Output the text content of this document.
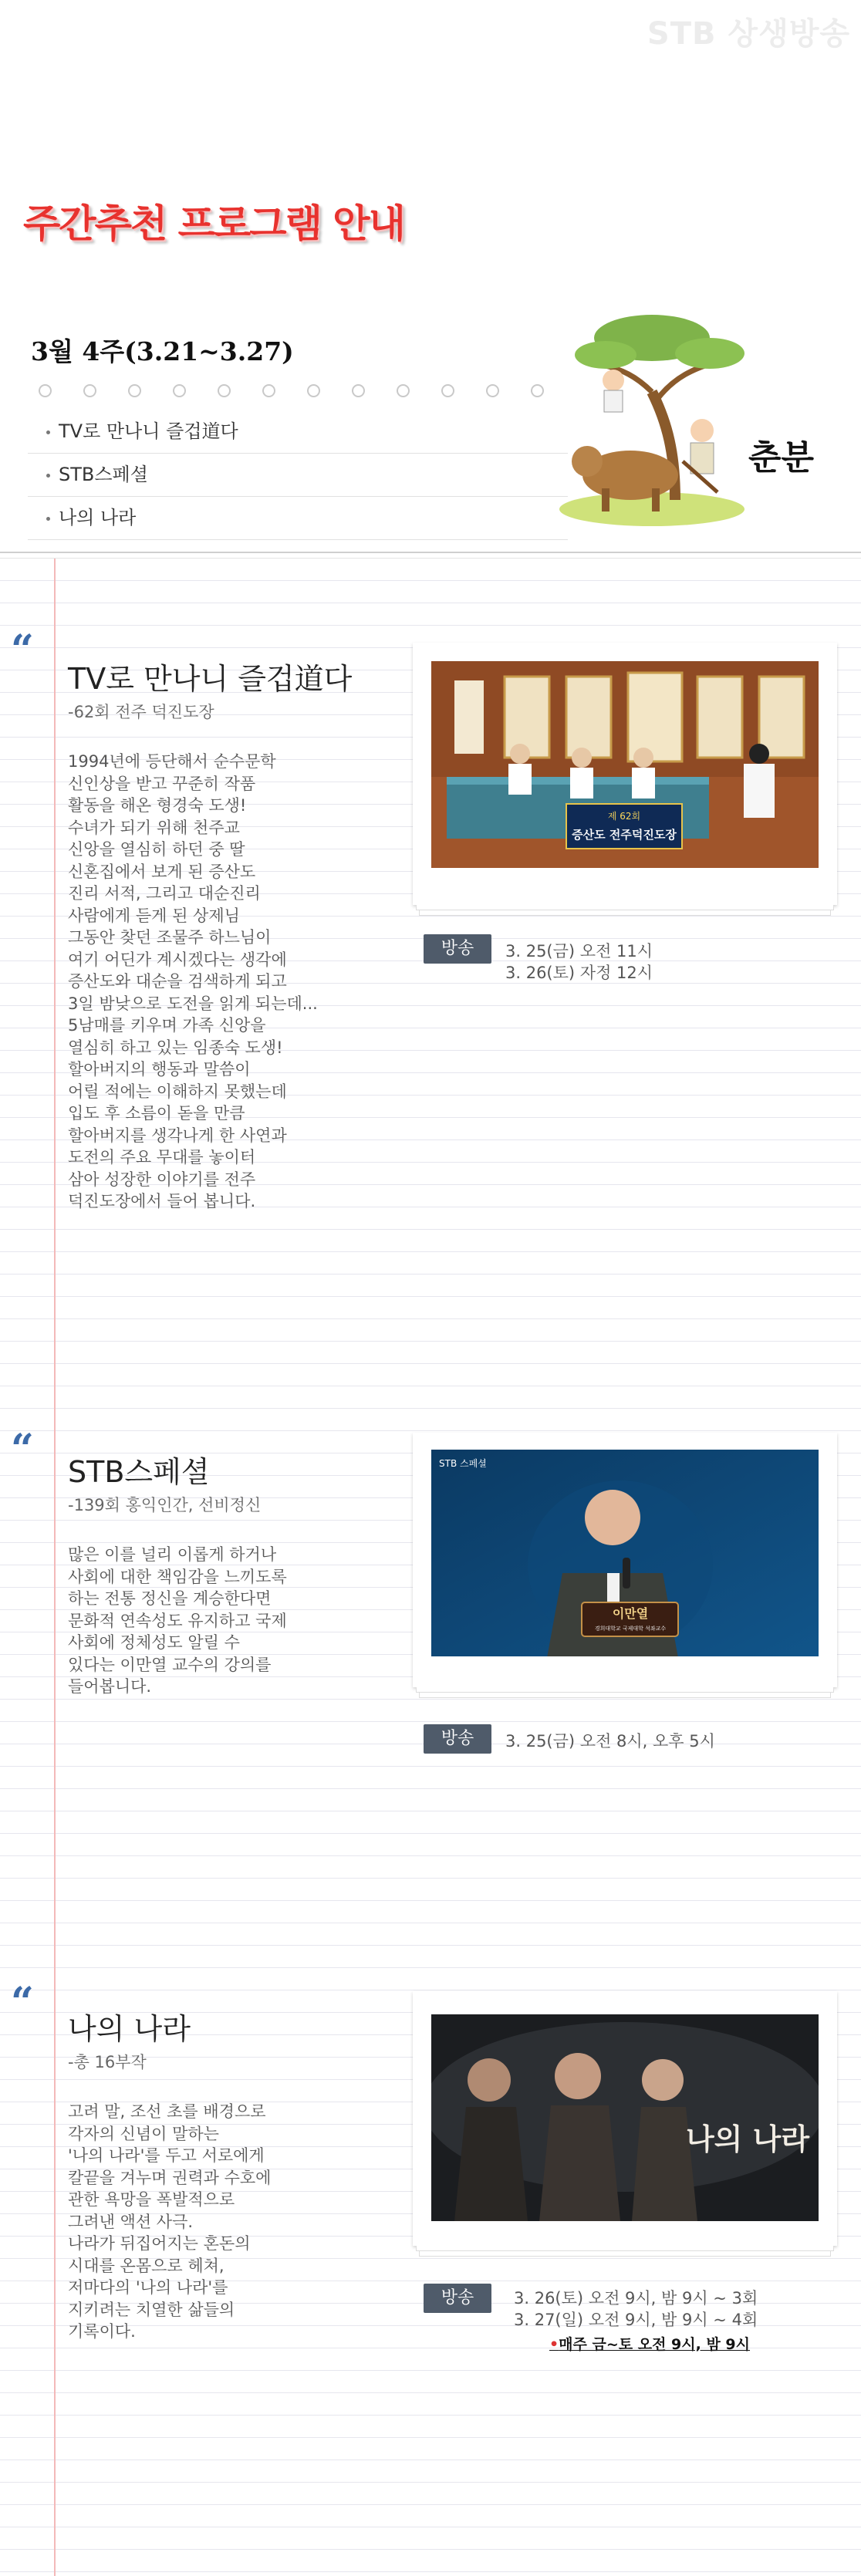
STB 상생방송
주간추천 프로그램 안내
3월 4주(3.21~3.27)
TV로 만나니 즐겁道다
STB스페셜
나의 나라
춘분
“
TV로 만나니 즐겁道다
-62회 전주 덕진도장
1994년에 등단해서 순수문학
신인상을 받고 꾸준히 작품
활동을 해온 형경숙 도생!
수녀가 되기 위해 천주교
신앙을 열심히 하던 중 딸
신혼집에서 보게 된 증산도
진리 서적, 그리고 대순진리
사람에게 듣게 된 상제님
그동안 찾던 조물주 하느님이
여기 어딘가 계시겠다는 생각에
증산도와 대순을 검색하게 되고
3일 밤낮으로 도전을 읽게 되는데...
5남매를 키우며 가족 신앙을
열심히 하고 있는 임종숙 도생!
할아버지의 행동과 말씀이
어릴 적에는 이해하지 못했는데
입도 후 소름이 돋을 만큼
할아버지를 생각나게 한 사연과
도전의 주요 무대를 놓이터
삼아 성장한 이야기를 전주
덕진도장에서 들어 봅니다.
제 62회
증산도 전주덕진도장
방송	3. 25(금) 오전 11시
3. 26(토) 자정 12시
“ STB스페셜
-139회 홍익인간, 선비정신
많은 이를 널리 이롭게 하거나
사회에 대한 책임감을 느끼도록
하는 전통 정신을 계승한다면
문화적 연속성도 유지하고 국제
사회에 정체성도 알릴 수
있다는 이만열 교수의 강의를
들어봅니다.
STB 스페셜
이만열
경희대학교 국제대학 석좌교수
방송	3. 25(금) 오전 8시, 오후 5시
“
나의 나라
-총 16부작
고려 말, 조선 초를 배경으로
각자의 신념이 말하는
'나의 나라'를 두고 서로에게
칼끝을 겨누며 권력과 수호에
관한 욕망을 폭발적으로
그려낸 액션 사극.
나라가 뒤집어지는 혼돈의
시대를 온몸으로 헤쳐,
저마다의 '나의 나라'를
지키려는 치열한 삶들의
기록이다.
나의 나라
방송	3. 26(토) 오전 9시, 밤 9시 ~ 3회
3. 27(일) 오전 9시, 밤 9시 ~ 4회
•매주 금~토 오전 9시, 밤 9시
